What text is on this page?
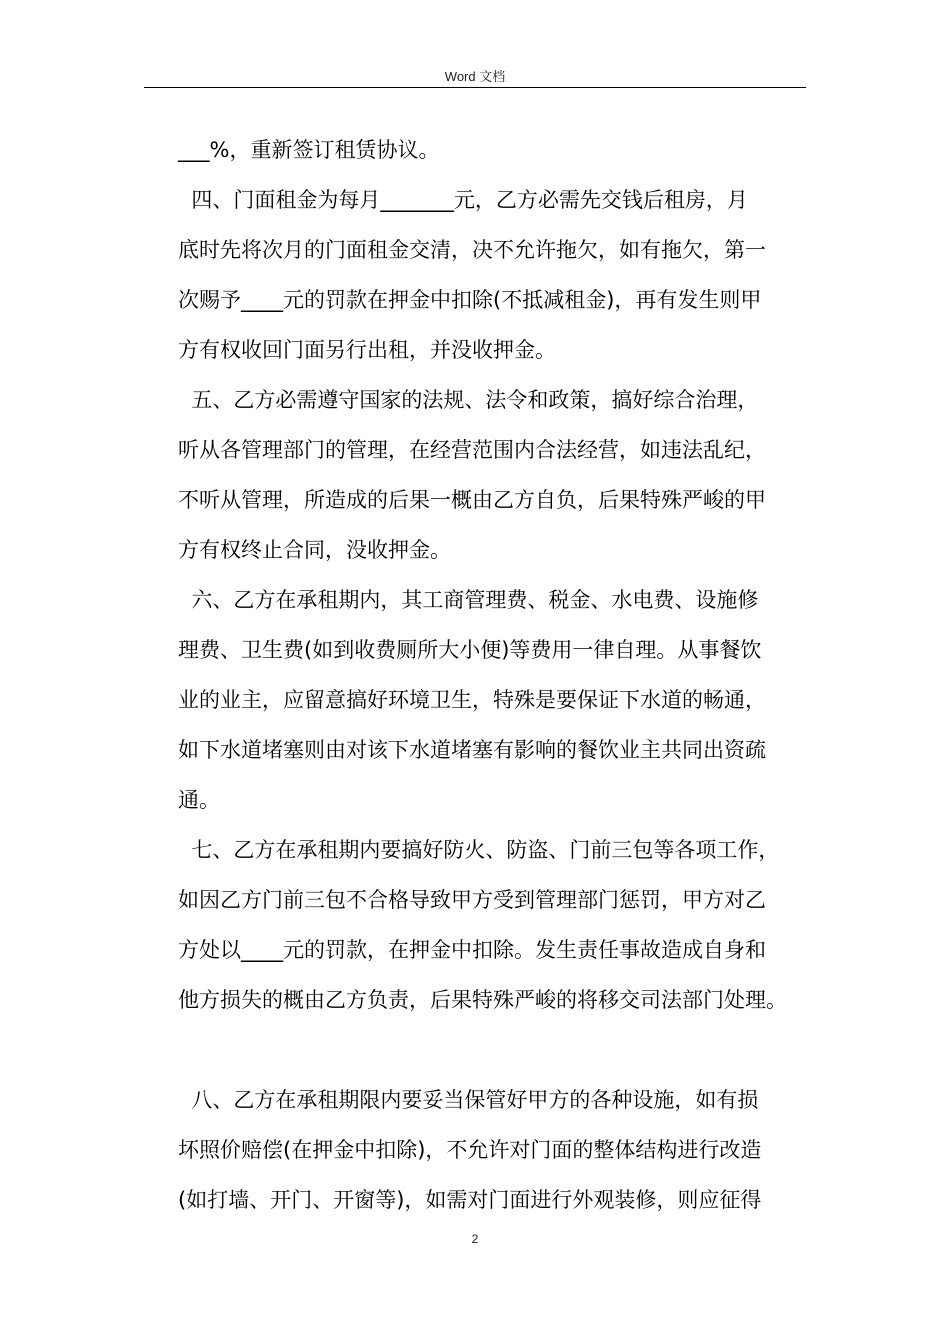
Word 文档
___%，重新签订租赁协议。
四、门面租金为每月_______元，乙方必需先交钱后租房，月
底时先将次月的门面租金交清，决不允许拖欠，如有拖欠，第一
次赐予____元的罚款在押金中扣除(不抵减租金)，再有发生则甲
方有权收回门面另行出租，并没收押金。
五、乙方必需遵守国家的法规、法令和政策，搞好综合治理，
听从各管理部门的管理，在经营范围内合法经营，如违法乱纪，
不听从管理，所造成的后果一概由乙方自负，后果特殊严峻的甲
方有权终止合同，没收押金。
六、乙方在承租期内，其工商管理费、税金、水电费、设施修
理费、卫生费(如到收费厕所大小便)等费用一律自理。从事餐饮
业的业主，应留意搞好环境卫生，特殊是要保证下水道的畅通，
如下水道堵塞则由对该下水道堵塞有影响的餐饮业主共同出资疏
通。
七、乙方在承租期内要搞好防火、防盗、门前三包等各项工作，
如因乙方门前三包不合格导致甲方受到管理部门惩罚，甲方对乙
方处以____元的罚款，在押金中扣除。发生责任事故造成自身和
他方损失的概由乙方负责，后果特殊严峻的将移交司法部门处理。
八、乙方在承租期限内要妥当保管好甲方的各种设施，如有损
坏照价赔偿(在押金中扣除)，不允许对门面的整体结构进行改造
(如打墙、开门、开窗等)，如需对门面进行外观装修，则应征得
2
